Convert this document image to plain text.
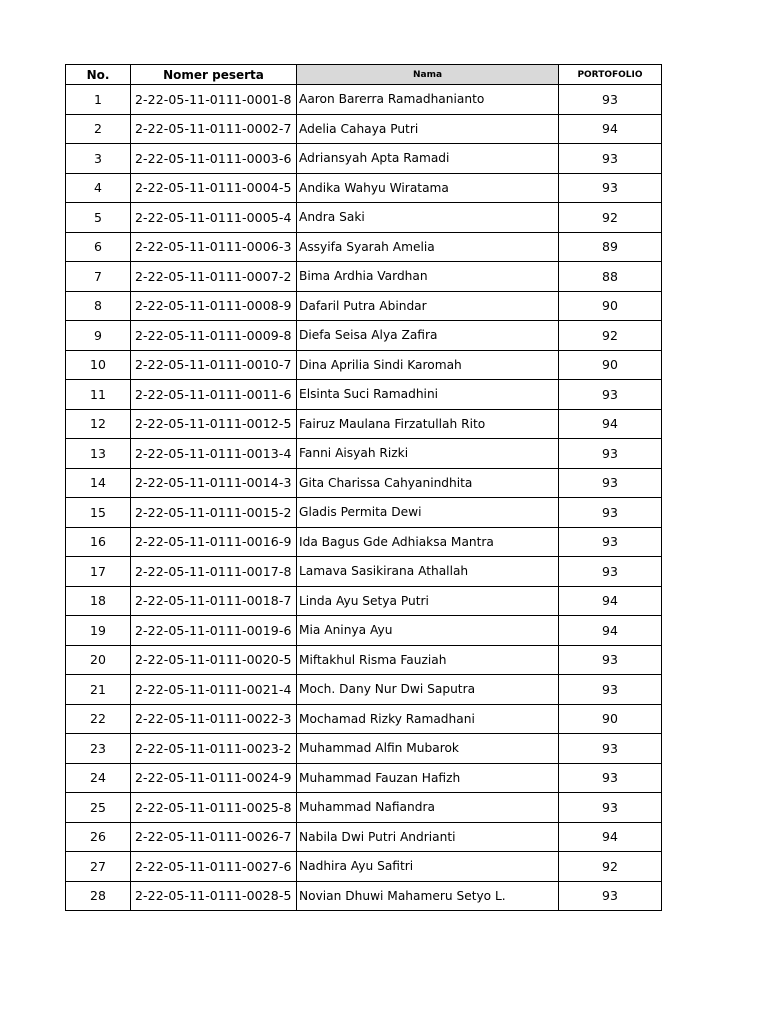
No.	Nomer peserta	Nama	PORTOFOLIO
1	2-22-05-11-0111-0001-8	Aaron Barerra Ramadhanianto	93
2	2-22-05-11-0111-0002-7	Adelia Cahaya Putri	94
3	2-22-05-11-0111-0003-6	Adriansyah Apta Ramadi	93
4	2-22-05-11-0111-0004-5	Andika Wahyu Wiratama	93
5	2-22-05-11-0111-0005-4	Andra Saki	92
6	2-22-05-11-0111-0006-3	Assyifa Syarah Amelia	89
7	2-22-05-11-0111-0007-2	Bima Ardhia Vardhan	88
8	2-22-05-11-0111-0008-9	Dafaril Putra Abindar	90
9	2-22-05-11-0111-0009-8	Diefa Seisa Alya Zafira	92
10	2-22-05-11-0111-0010-7	Dina Aprilia Sindi Karomah	90
11	2-22-05-11-0111-0011-6	Elsinta Suci Ramadhini	93
12	2-22-05-11-0111-0012-5	Fairuz Maulana Firzatullah Rito	94
13	2-22-05-11-0111-0013-4	Fanni Aisyah Rizki	93
14	2-22-05-11-0111-0014-3	Gita Charissa Cahyanindhita	93
15	2-22-05-11-0111-0015-2	Gladis Permita Dewi	93
16	2-22-05-11-0111-0016-9	Ida Bagus Gde Adhiaksa Mantra	93
17	2-22-05-11-0111-0017-8	Lamava Sasikirana Athallah	93
18	2-22-05-11-0111-0018-7	Linda Ayu Setya Putri	94
19	2-22-05-11-0111-0019-6	Mia Aninya Ayu	94
20	2-22-05-11-0111-0020-5	Miftakhul Risma Fauziah	93
21	2-22-05-11-0111-0021-4	Moch. Dany Nur Dwi Saputra	93
22	2-22-05-11-0111-0022-3	Mochamad Rizky Ramadhani	90
23	2-22-05-11-0111-0023-2	Muhammad Alfin Mubarok	93
24	2-22-05-11-0111-0024-9	Muhammad Fauzan Hafizh	93
25	2-22-05-11-0111-0025-8	Muhammad Nafiandra	93
26	2-22-05-11-0111-0026-7	Nabila Dwi Putri Andrianti	94
27	2-22-05-11-0111-0027-6	Nadhira Ayu Safitri	92
28	2-22-05-11-0111-0028-5	Novian Dhuwi Mahameru Setyo L.	93
